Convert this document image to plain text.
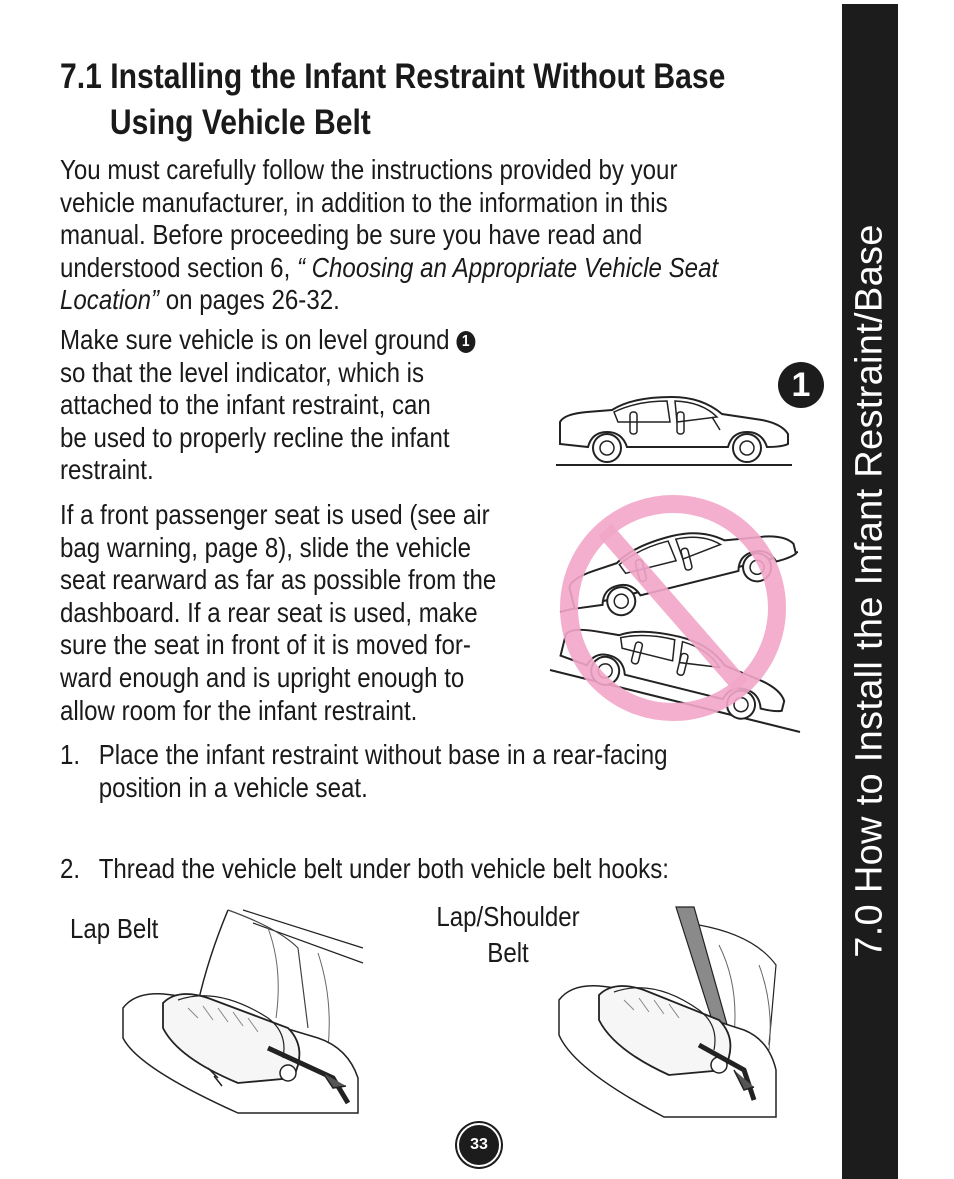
7.1 Installing the Infant Restraint Without Base
Using Vehicle Belt
You must carefully follow the instructions provided by your
vehicle manufacturer, in addition to the information in this
manual. Before proceeding be sure you have read and
understood section 6, “ Choosing an Appropriate Vehicle Seat
Location” on pages 26-32.
Make sure vehicle is on level ground 1
so that the level indicator, which is
attached to the infant restraint, can
be used to properly recline the infant
restraint.
If a front passenger seat is used (see air
bag warning, page 8), slide the vehicle
seat rearward as far as possible from the
dashboard. If a rear seat is used, make
sure the seat in front of it is moved for-
ward enough and is upright enough to
allow room for the infant restraint.
1. Place the infant restraint without base in a rear-facing
position in a vehicle seat.
2. Thread the vehicle belt under both vehicle belt hooks:
1
Lap Belt	Lap/Shoulder
Belt
33
7.0 How to Install the Infant Restraint/Base
